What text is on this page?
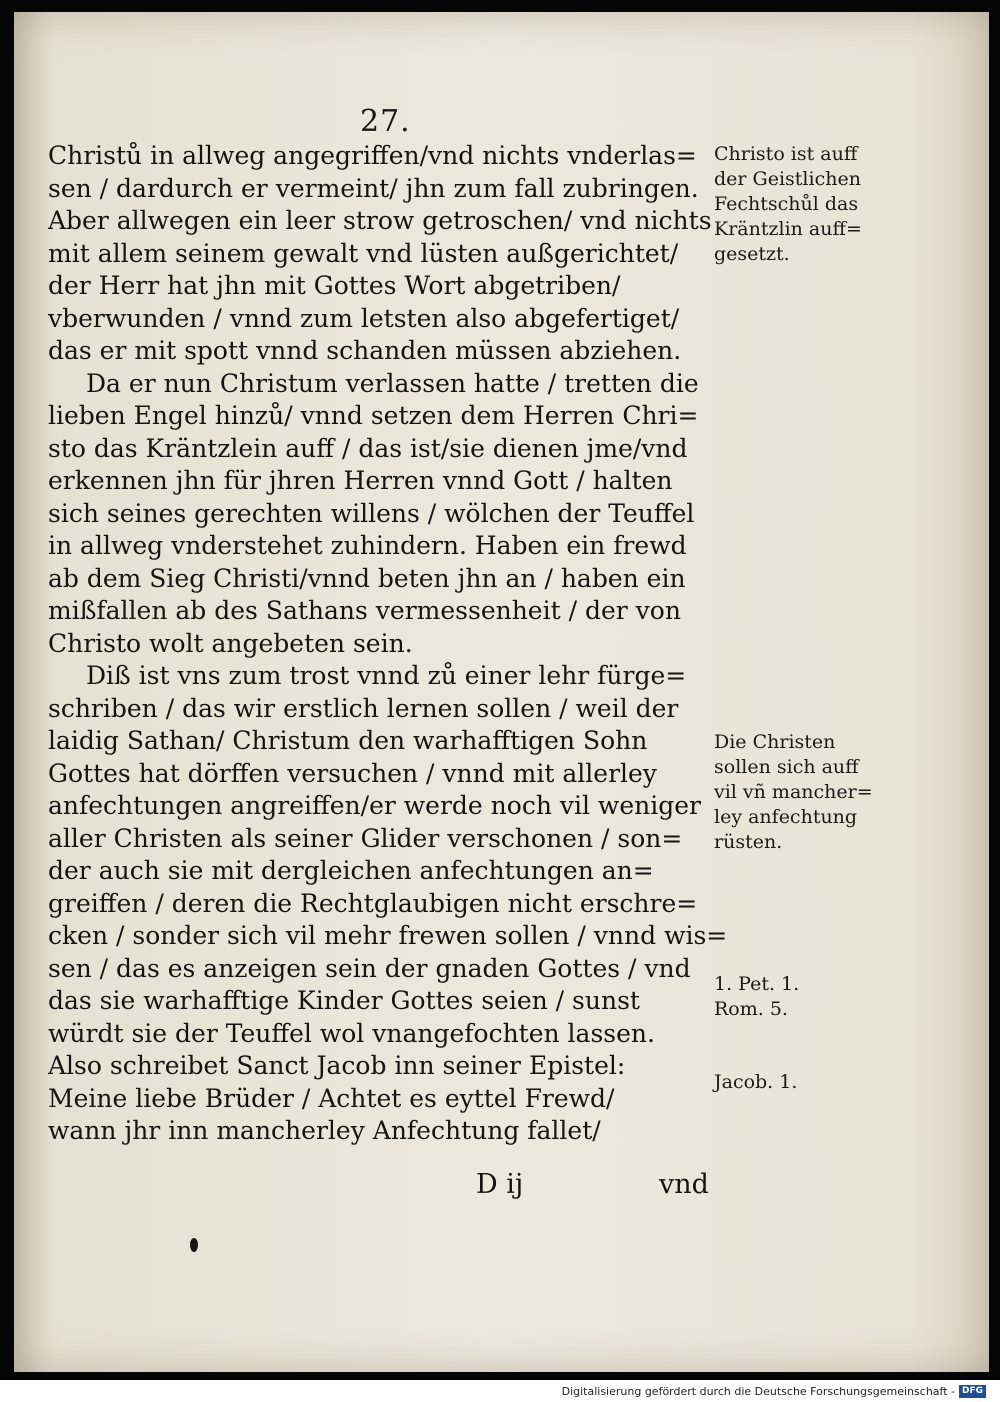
27.
Christů in allweg angegriffen/vnd nichts vnderlas=
sen / dardurch er vermeint/ jhn zum fall zubringen.
Aber allwegen ein leer strow getroschen/ vnd nichts
mit allem seinem gewalt vnd lüsten außgerichtet/
der Herr hat jhn mit Gottes Wort abgetriben/
vberwunden / vnnd zum letsten also abgefertiget/
das er mit spott vnnd schanden müssen abziehen.
Da er nun Christum verlassen hatte / tretten die
lieben Engel hinzů/ vnnd setzen dem Herren Chri=
sto das Kräntzlein auff / das ist/sie dienen jme/vnd
erkennen jhn für jhren Herren vnnd Gott / halten
sich seines gerechten willens / wölchen der Teuffel
in allweg vnderstehet zuhindern. Haben ein frewd
ab dem Sieg Christi/vnnd beten jhn an / haben ein
mißfallen ab des Sathans vermessenheit / der von
Christo wolt angebeten sein.
Diß ist vns zum trost vnnd zů einer lehr fürge=
schriben / das wir erstlich lernen sollen / weil der
laidig Sathan/ Christum den warhafftigen Sohn
Gottes hat dörffen versuchen / vnnd mit allerley
anfechtungen angreiffen/er werde noch vil weniger
aller Christen als seiner Glider verschonen / son=
der auch sie mit dergleichen anfechtungen an=
greiffen / deren die Rechtglaubigen nicht erschre=
cken / sonder sich vil mehr frewen sollen / vnnd wis=
sen / das es anzeigen sein der gnaden Gottes / vnd
das sie warhafftige Kinder Gottes seien / sunst
würdt sie der Teuffel wol vnangefochten lassen.
Also schreibet Sanct Jacob inn seiner Epistel:
Meine liebe Brüder / Achtet es eyttel Frewd/
wann jhr inn mancherley Anfechtung fallet/
Christo ist auff
der Geistlichen
Fechtschůl das
Kräntzlin auff=
gesetzt.
Die Christen
sollen sich auff
vil vñ mancher=
ley anfechtung
rüsten.
1. Pet. 1.
Rom. 5.
Jacob. 1.
D ij	vnd
Digitalisierung gefördert durch die Deutsche Forschungsgemeinschaft - DFG
